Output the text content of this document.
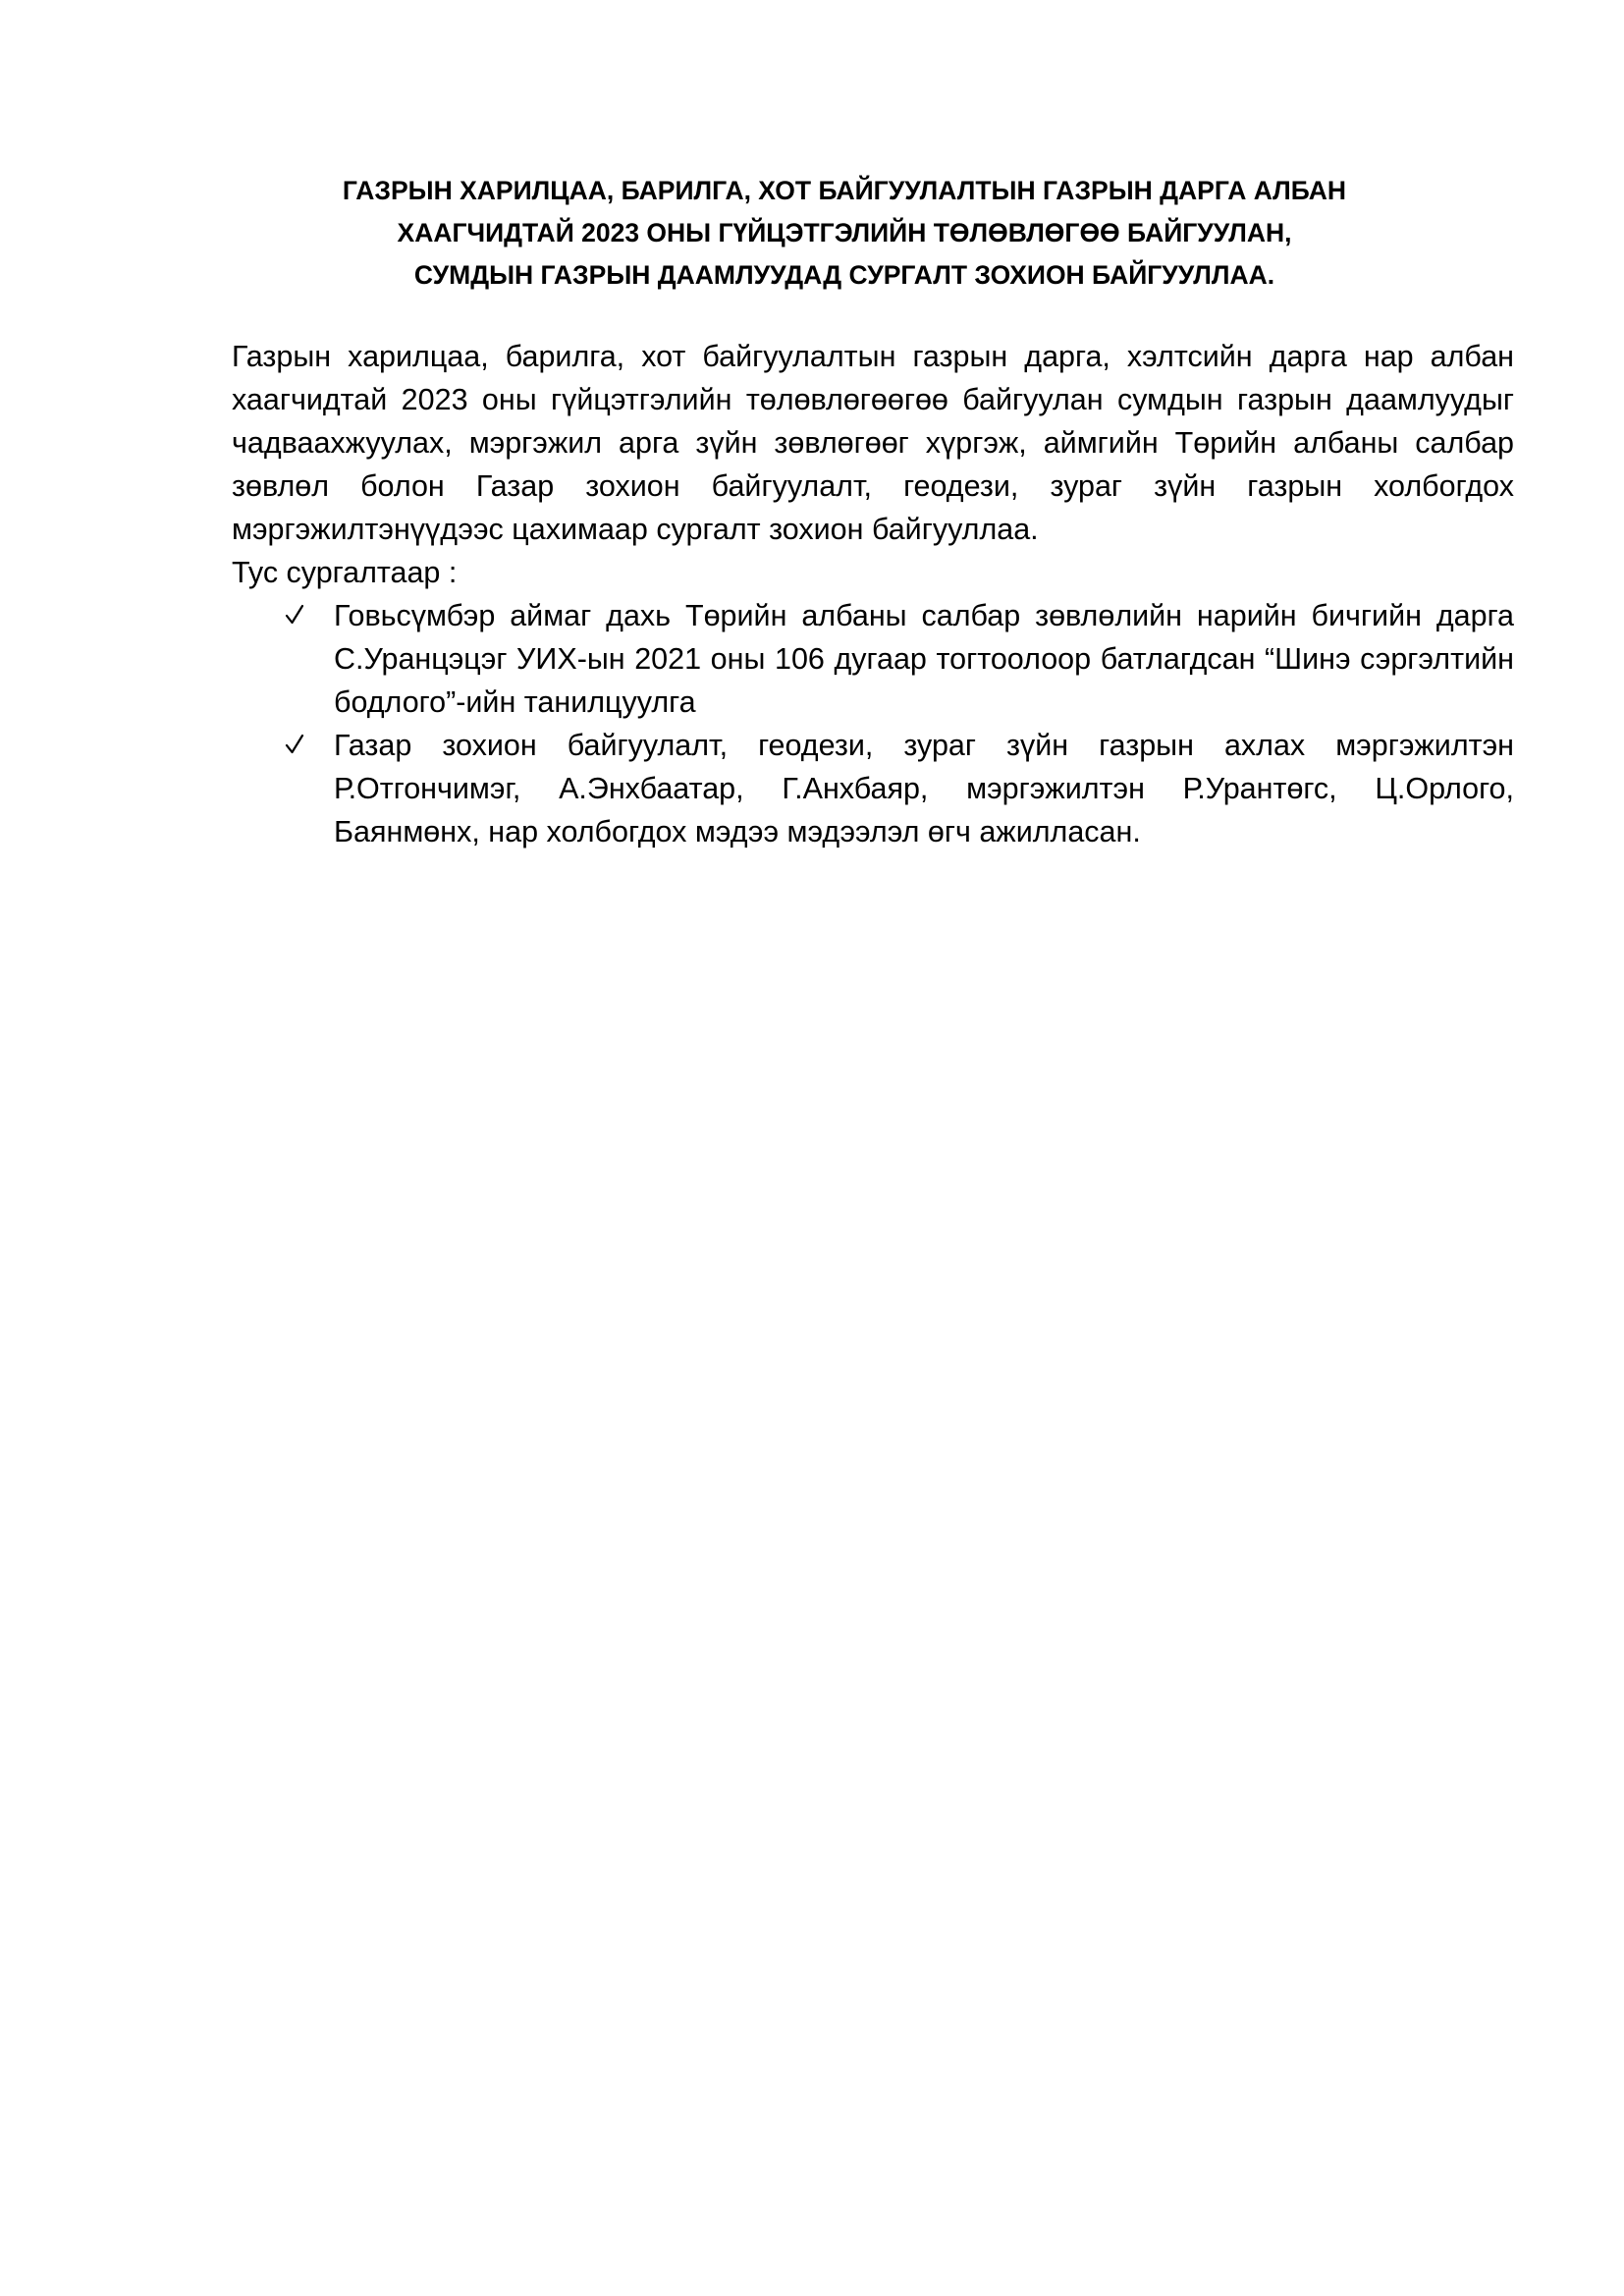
ГАЗРЫН ХАРИЛЦАА, БАРИЛГА, ХОТ БАЙГУУЛАЛТЫН ГАЗРЫН ДАРГА АЛБАН
ХААГЧИДТАЙ 2023 ОНЫ ГҮЙЦЭТГЭЛИЙН ТӨЛӨВЛӨГӨӨ БАЙГУУЛАН,
СУМДЫН ГАЗРЫН ДААМЛУУДАД СУРГАЛТ ЗОХИОН БАЙГУУЛЛАА.

Газрын харилцаа, барилга, хот байгуулалтын газрын дарга, хэлтсийн дарга нар албан хаагчидтай 2023 оны гүйцэтгэлийн төлөвлөгөөгөө байгуулан сумдын газрын даамлуудыг чадваахжуулах, мэргэжил арга зүйн зөвлөгөөг хүргэж, аймгийн Төрийн албаны салбар зөвлөл болон Газар зохион байгуулалт, геодези, зураг зүйн газрын холбогдох мэргэжилтэнүүдээс цахимаар сургалт зохион байгууллаа.

Тус сургалтаар :

Говьсүмбэр аймаг дахь Төрийн албаны салбар зөвлөлийн нарийн бичгийн дарга С.Уранцэцэг УИХ-ын 2021 оны 106 дугаар тогтоолоор батлагдсан “Шинэ сэргэлтийн бодлого”-ийн танилцуулга
Газар зохион байгуулалт, геодези, зураг зүйн газрын ахлах мэргэжилтэн Р.Отгончимэг, А.Энхбаатар, Г.Анхбаяр, мэргэжилтэн Р.Урантөгс, Ц.Орлого, Баянмөнх, нар холбогдох мэдээ мэдээлэл өгч ажилласан.
